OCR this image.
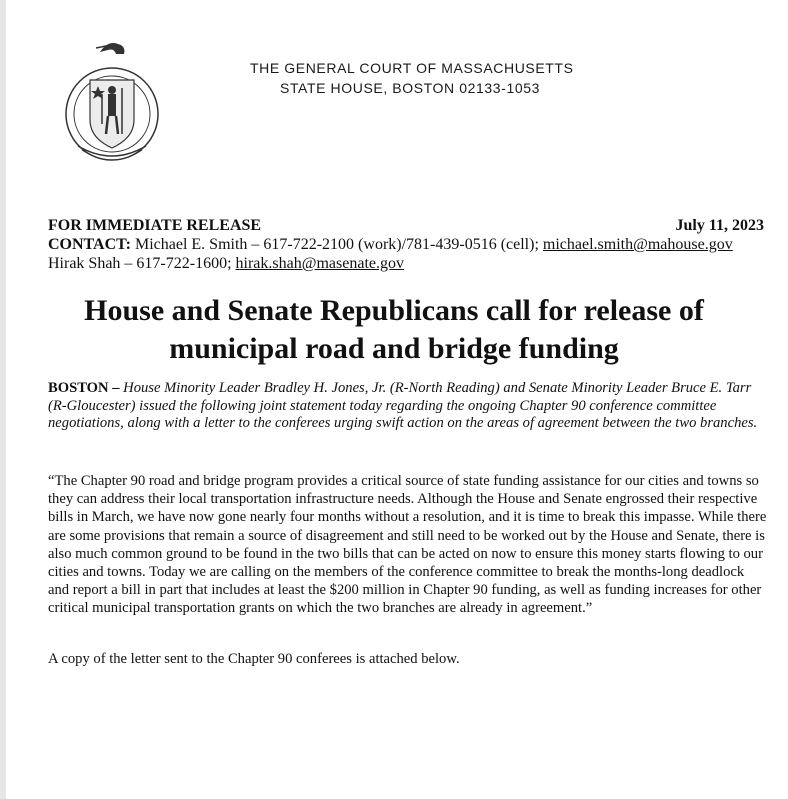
THE GENERAL COURT OF MASSACHUSETTS
STATE HOUSE, BOSTON 02133-1053
FOR IMMEDIATE RELEASE	July 11, 2023
CONTACT: Michael E. Smith – 617-722-2100 (work)/781-439-0516 (cell); michael.smith@mahouse.gov
Hirak Shah – 617-722-1600; hirak.shah@masenate.gov
House and Senate Republicans call for release of
municipal road and bridge funding
BOSTON – House Minority Leader Bradley H. Jones, Jr. (R-North Reading) and Senate Minority Leader Bruce E. Tarr (R-Gloucester) issued the following joint statement today regarding the ongoing Chapter 90 conference committee negotiations, along with a letter to the conferees urging swift action on the areas of agreement between the two branches.
“The Chapter 90 road and bridge program provides a critical source of state funding assistance for our cities and towns so they can address their local transportation infrastructure needs. Although the House and Senate engrossed their respective bills in March, we have now gone nearly four months without a resolution, and it is time to break this impasse. While there are some provisions that remain a source of disagreement and still need to be worked out by the House and Senate, there is also much common ground to be found in the two bills that can be acted on now to ensure this money starts flowing to our cities and towns. Today we are calling on the members of the conference committee to break the months-long deadlock and report a bill in part that includes at least the $200 million in Chapter 90 funding, as well as funding increases for other critical municipal transportation grants on which the two branches are already in agreement.”
A copy of the letter sent to the Chapter 90 conferees is attached below.
